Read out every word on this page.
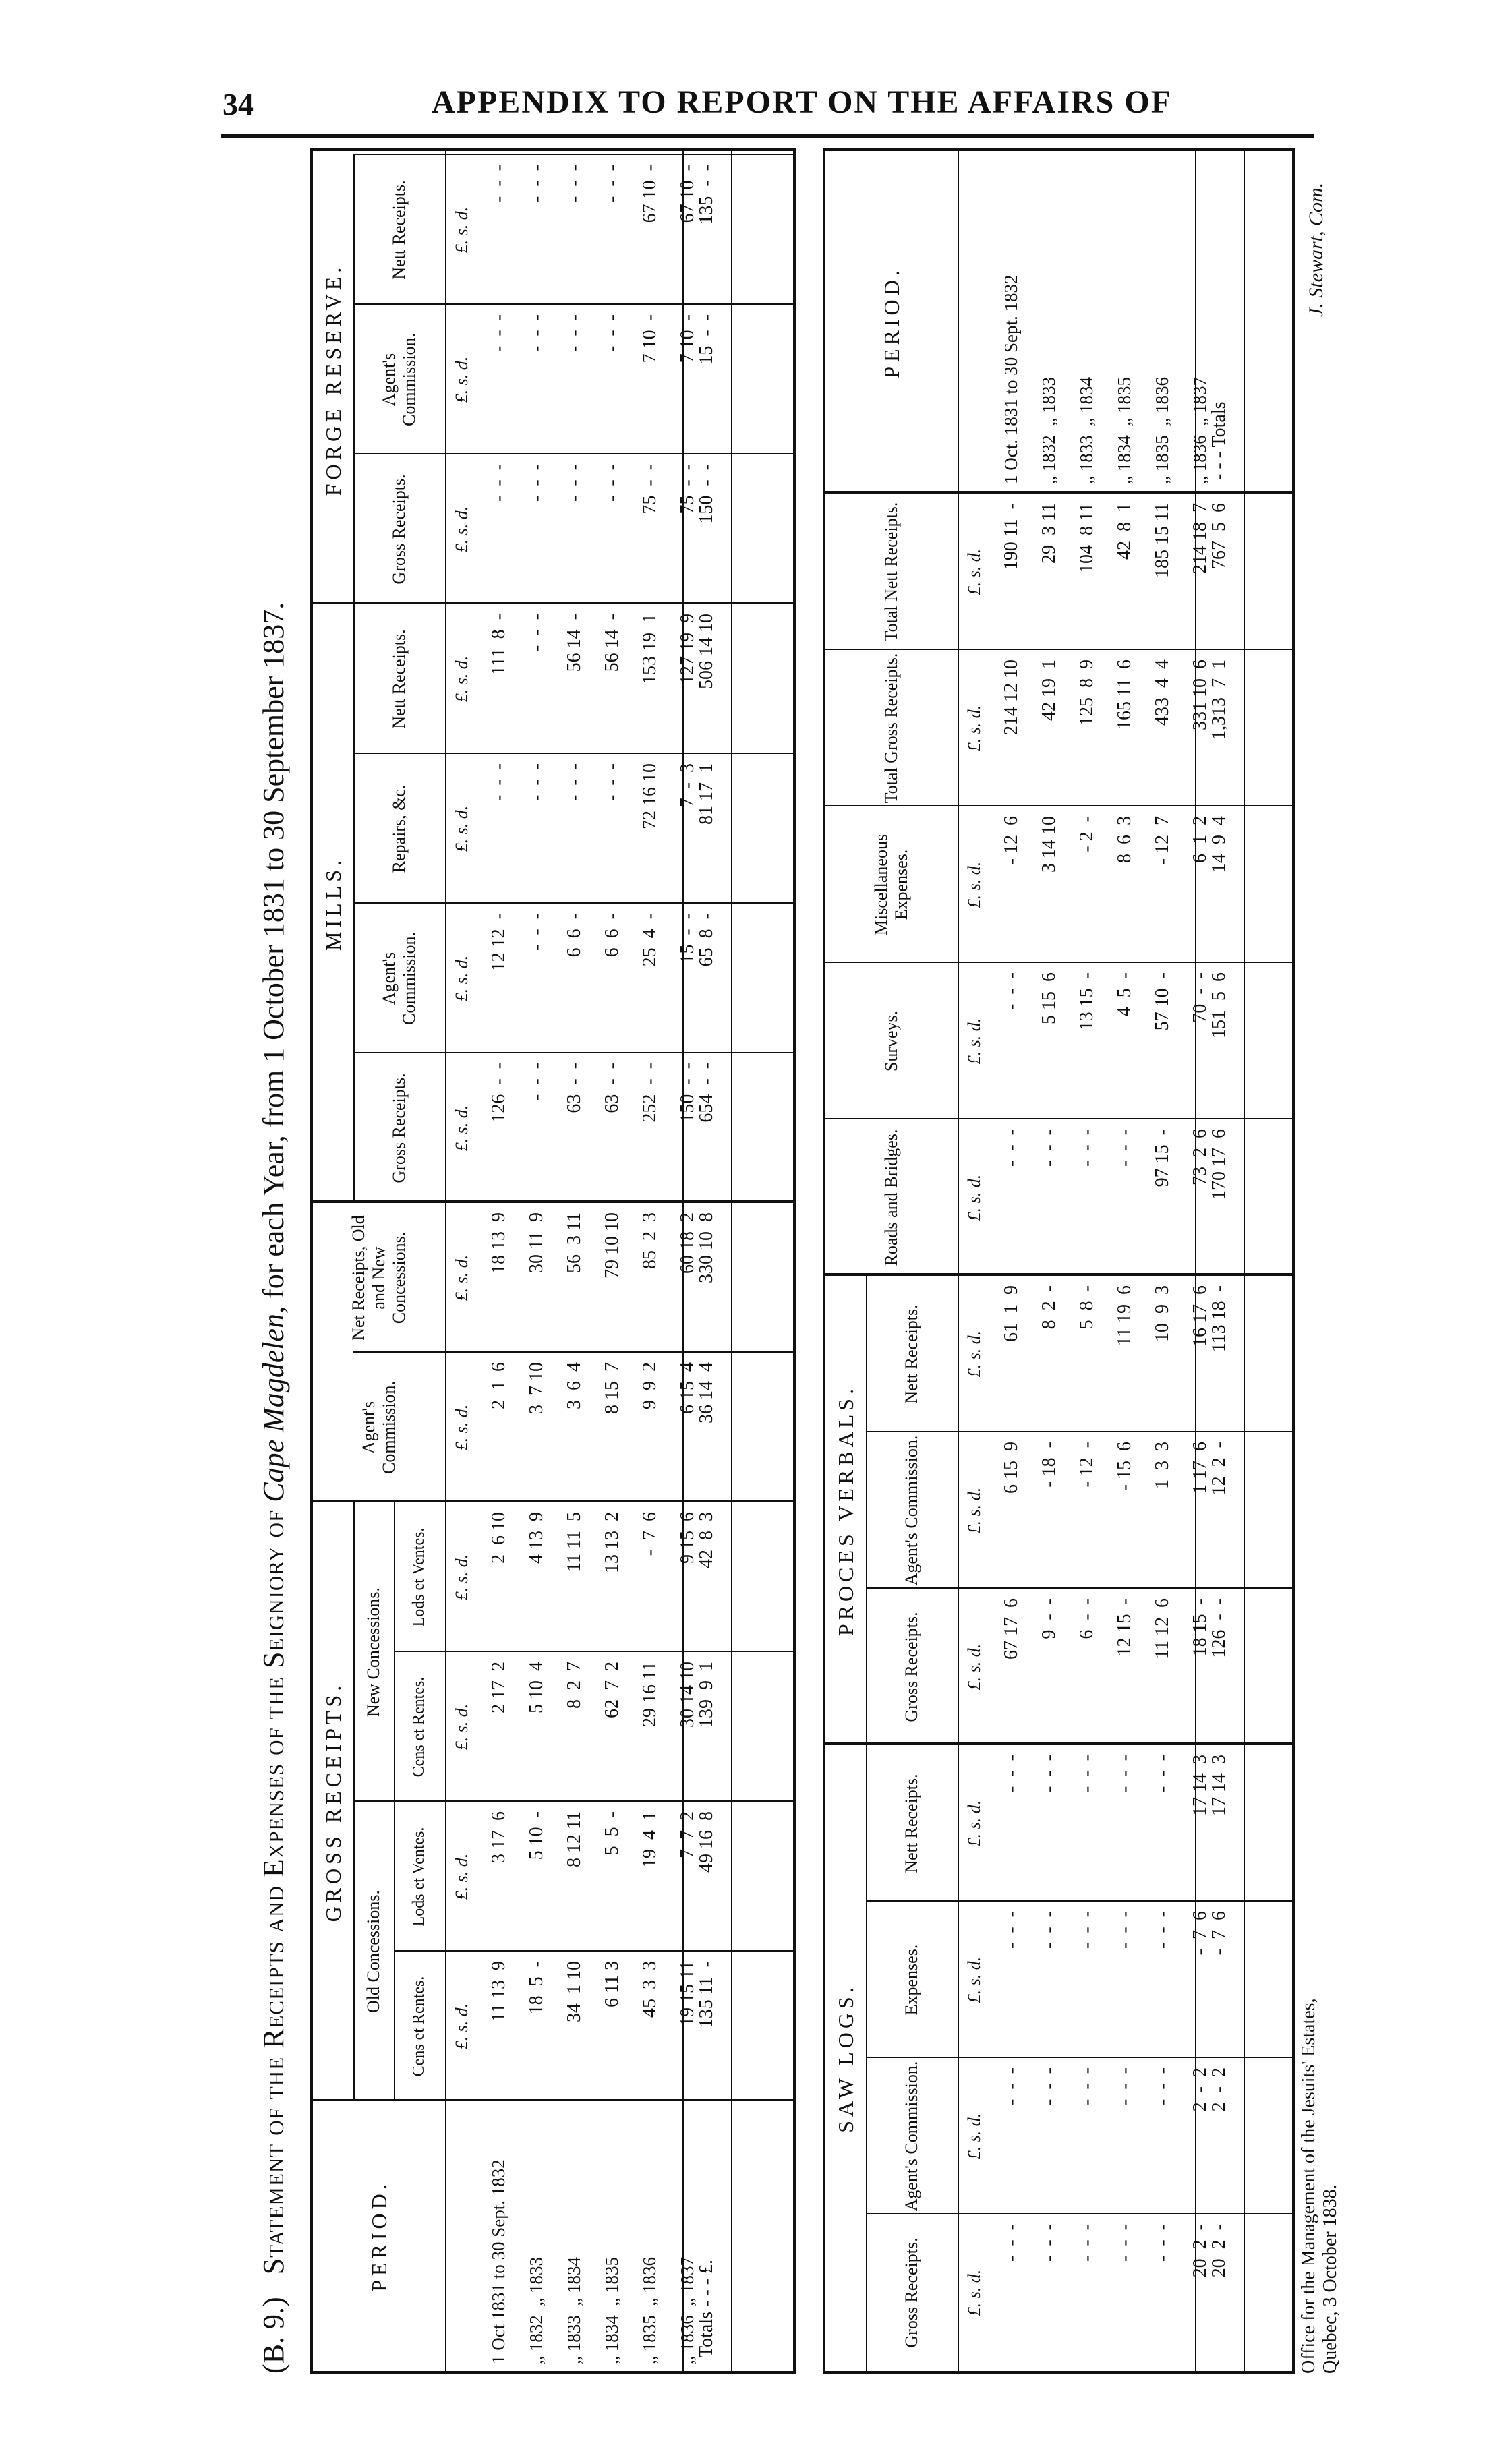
34	APPENDIX TO REPORT ON THE AFFAIRS OF
(B. 9.)   Statement of the Receipts and Expenses of the Seigniory of Cape Magdelen, for each Year, from 1 October 1831 to 30 September 1837.
PERIOD.
GROSS RECEIPTS.
Old Concessions.
New Concessions.
Cens et Rentes.
Lods et Ventes.
Cens et Rentes.
Lods et Ventes.
Agent's Commission.
Net Receipts, Old and New Concessions.
MILLS.
Gross Receipts.
Agent's Commission.
Repairs, &c.
Nett Receipts.
FORGE RESERVE.
Gross Receipts.
Agent's Commission.
Nett Receipts.
£. s. d.
£. s. d.
£. s. d.
£. s. d.
£. s. d.
£. s. d.
£. s. d.
£. s. d.
£. s. d.
£. s. d.
£. s. d.
£. s. d.
£. s. d.
1 Oct 1831 to 30 Sept. 1832 „ 1832  „ 1833 „ 1833  „ 1834 „ 1834  „ 1835 „ 1835  „ 1836 „ 1836  „ 1837
11 13  9 18  5  - 34  1 10 6 11 3 45  3  3 19 15 11
3 17  6 5 10  - 8 12 11 5  5  - 19  4  1 7  7  2
2 17  2 5 10  4 8  2  7 62  7  2 29 16 11 30 14 10
2  6 10 4 13  9 11 11  5 13 13  2 -  7  6 9 15  6
2  1  6 3  7 10 3  6  4 8 15  7 9  9  2 6 15  4
18 13  9 30 11  9 56  3 11 79 10 10 85  2  3 60 18  2
126  -  - -  -  - 63  -  - 63  -  - 252  -  - 150  -  -
12 12  - -  -  - 6  6  - 6  6  - 25  4  - 15  -  -
-  -  - -  -  - -  -  - -  -  - 72 16 10 7  -  3
111  8  - -  -  - 56 14  - 56 14  - 153 19  1 127 19  9
-  -  - -  -  - -  -  - -  -  - 75  -  - 75  -  -
-  -  - -  -  - -  -  - -  -  - 7 10  - 7 10  -
-  -  - -  -  - -  -  - -  -  - 67 10  - 67 10  -
Totals - - - £.
135 11  -
49 16  8
139  9  1
42  8  3
36 14  4
330 10  8
654  -  -
65  8  -
81 17  1
506 14 10
150  -  -
15  -  -
135  -  -
SAW LOGS.
Gross Receipts.
Agent's Commission.
Expenses.
Nett Receipts.
PROCES VERBALS.
Gross Receipts.
Agent's Commission.
Nett Receipts.
Roads and Bridges.
Surveys.
Miscellaneous Expenses.
Total Gross Receipts.
Total Nett Receipts.
PERIOD.
£. s. d.
£. s. d.
£. s. d.
£. s. d.
£. s. d.
£. s. d.
£. s. d.
£. s. d.
£. s. d.
£. s. d.
£. s. d.
£. s. d.
-  -  - -  -  - -  -  - -  -  - -  -  - 20  2  -
-  -  - -  -  - -  -  - -  -  - -  -  - 2  -  2
-  -  - -  -  - -  -  - -  -  - -  -  - -  7  6
-  -  - -  -  - -  -  - -  -  - -  -  - 17 14  3
67 17  6 9  -  - 6  -  - 12 15  - 11 12  6 18 15  -
6 15  9 - 18  - - 12  - - 15  6 1  3  3 1 17  6
61  1  9 8  2  - 5  8  - 11 19  6 10  9  3 16 17  6
-  -  - -  -  - -  -  - -  -  - 97 15  - 73  2  6
-  -  - 5 15  6 13 15  - 4  5  - 57 10  - 70  -  -
- 12  6 3 14 10 - 2  - 8  6  3 - 12  7 6  1  2
214 12 10 42 19  1 125  8  9 165 11  6 433  4  4 331 10  6
190 11  - 29  3 11 104  8 11 42  8  1 185 15 11 214 18  7
1 Oct. 1831 to 30 Sept. 1832 „ 1832  „ 1833 „ 1833  „ 1834 „ 1834  „ 1835 „ 1835  „ 1836 „ 1836  „ 1837
20  2  -
2  -  2
-  7  6
17 14  3
126  -  -
12  2  -
113 18  -
170 17  6
151  5  6
14  9  4
1,313  7  1
767  5  6
- - - Totals
Office for the Management of the Jesuits' Estates,
Quebec, 3 October 1838.
J. Stewart, Com.
